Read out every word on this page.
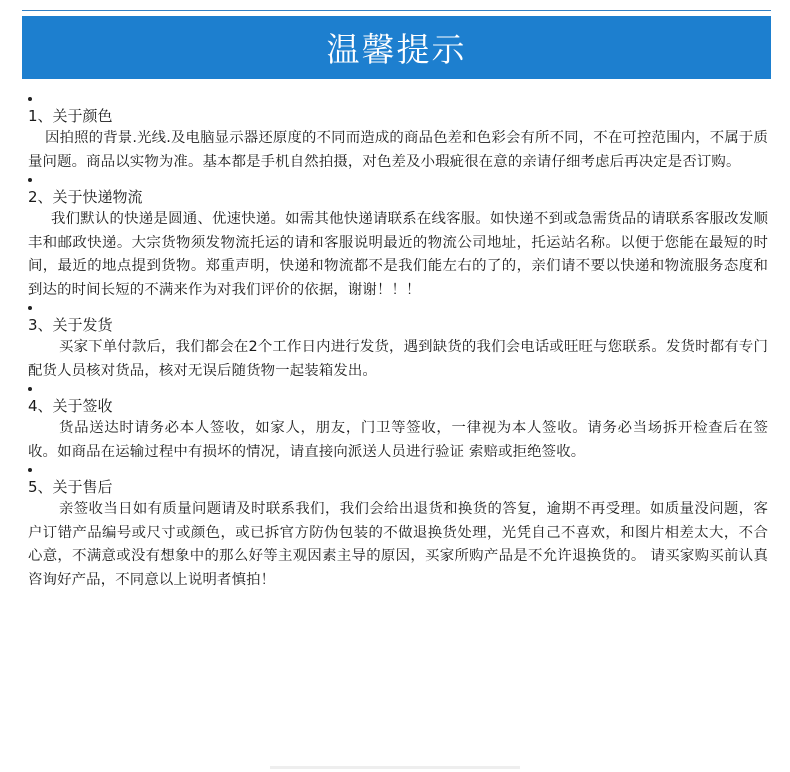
温馨提示

1、关于颜色

因拍照的背景.光线.及电脑显示器还原度的不同而造成的商品色差和色彩会有所不同，不在可控范围内，不属于质量问题。商品以实物为准。基本都是手机自然拍摄，对色差及小瑕疵很在意的亲请仔细考虑后再决定是否订购。

2、关于快递物流

我们默认的快递是圆通、优速快递。如需其他快递请联系在线客服。如快递不到或急需货品的请联系客服改发顺丰和邮政快递。大宗货物须发物流托运的请和客服说明最近的物流公司地址，托运站名称。以便于您能在最短的时间，最近的地点提到货物。郑重声明，快递和物流都不是我们能左右的了的，亲们请不要以快递和物流服务态度和到达的时间长短的不满来作为对我们评价的依据，谢谢！！！

3、关于发货

买家下单付款后，我们都会在2个工作日内进行发货，遇到缺货的我们会电话或旺旺与您联系。发货时都有专门配货人员核对货品，核对无误后随货物一起装箱发出。

4、关于签收

货品送达时请务必本人签收，如家人，朋友，门卫等签收，一律视为本人签收。请务必当场拆开检查后在签收。如商品在运输过程中有损坏的情况，请直接向派送人员进行验证 索赔或拒绝签收。

5、关于售后

亲签收当日如有质量问题请及时联系我们，我们会给出退货和换货的答复，逾期不再受理。如质量没问题，客户订错产品编号或尺寸或颜色，或已拆官方防伪包装的不做退换货处理，光凭自己不喜欢，和图片相差太大，不合心意，不满意或没有想象中的那么好等主观因素主导的原因，买家所购产品是不允许退换货的。 请买家购买前认真咨询好产品，不同意以上说明者慎拍！
